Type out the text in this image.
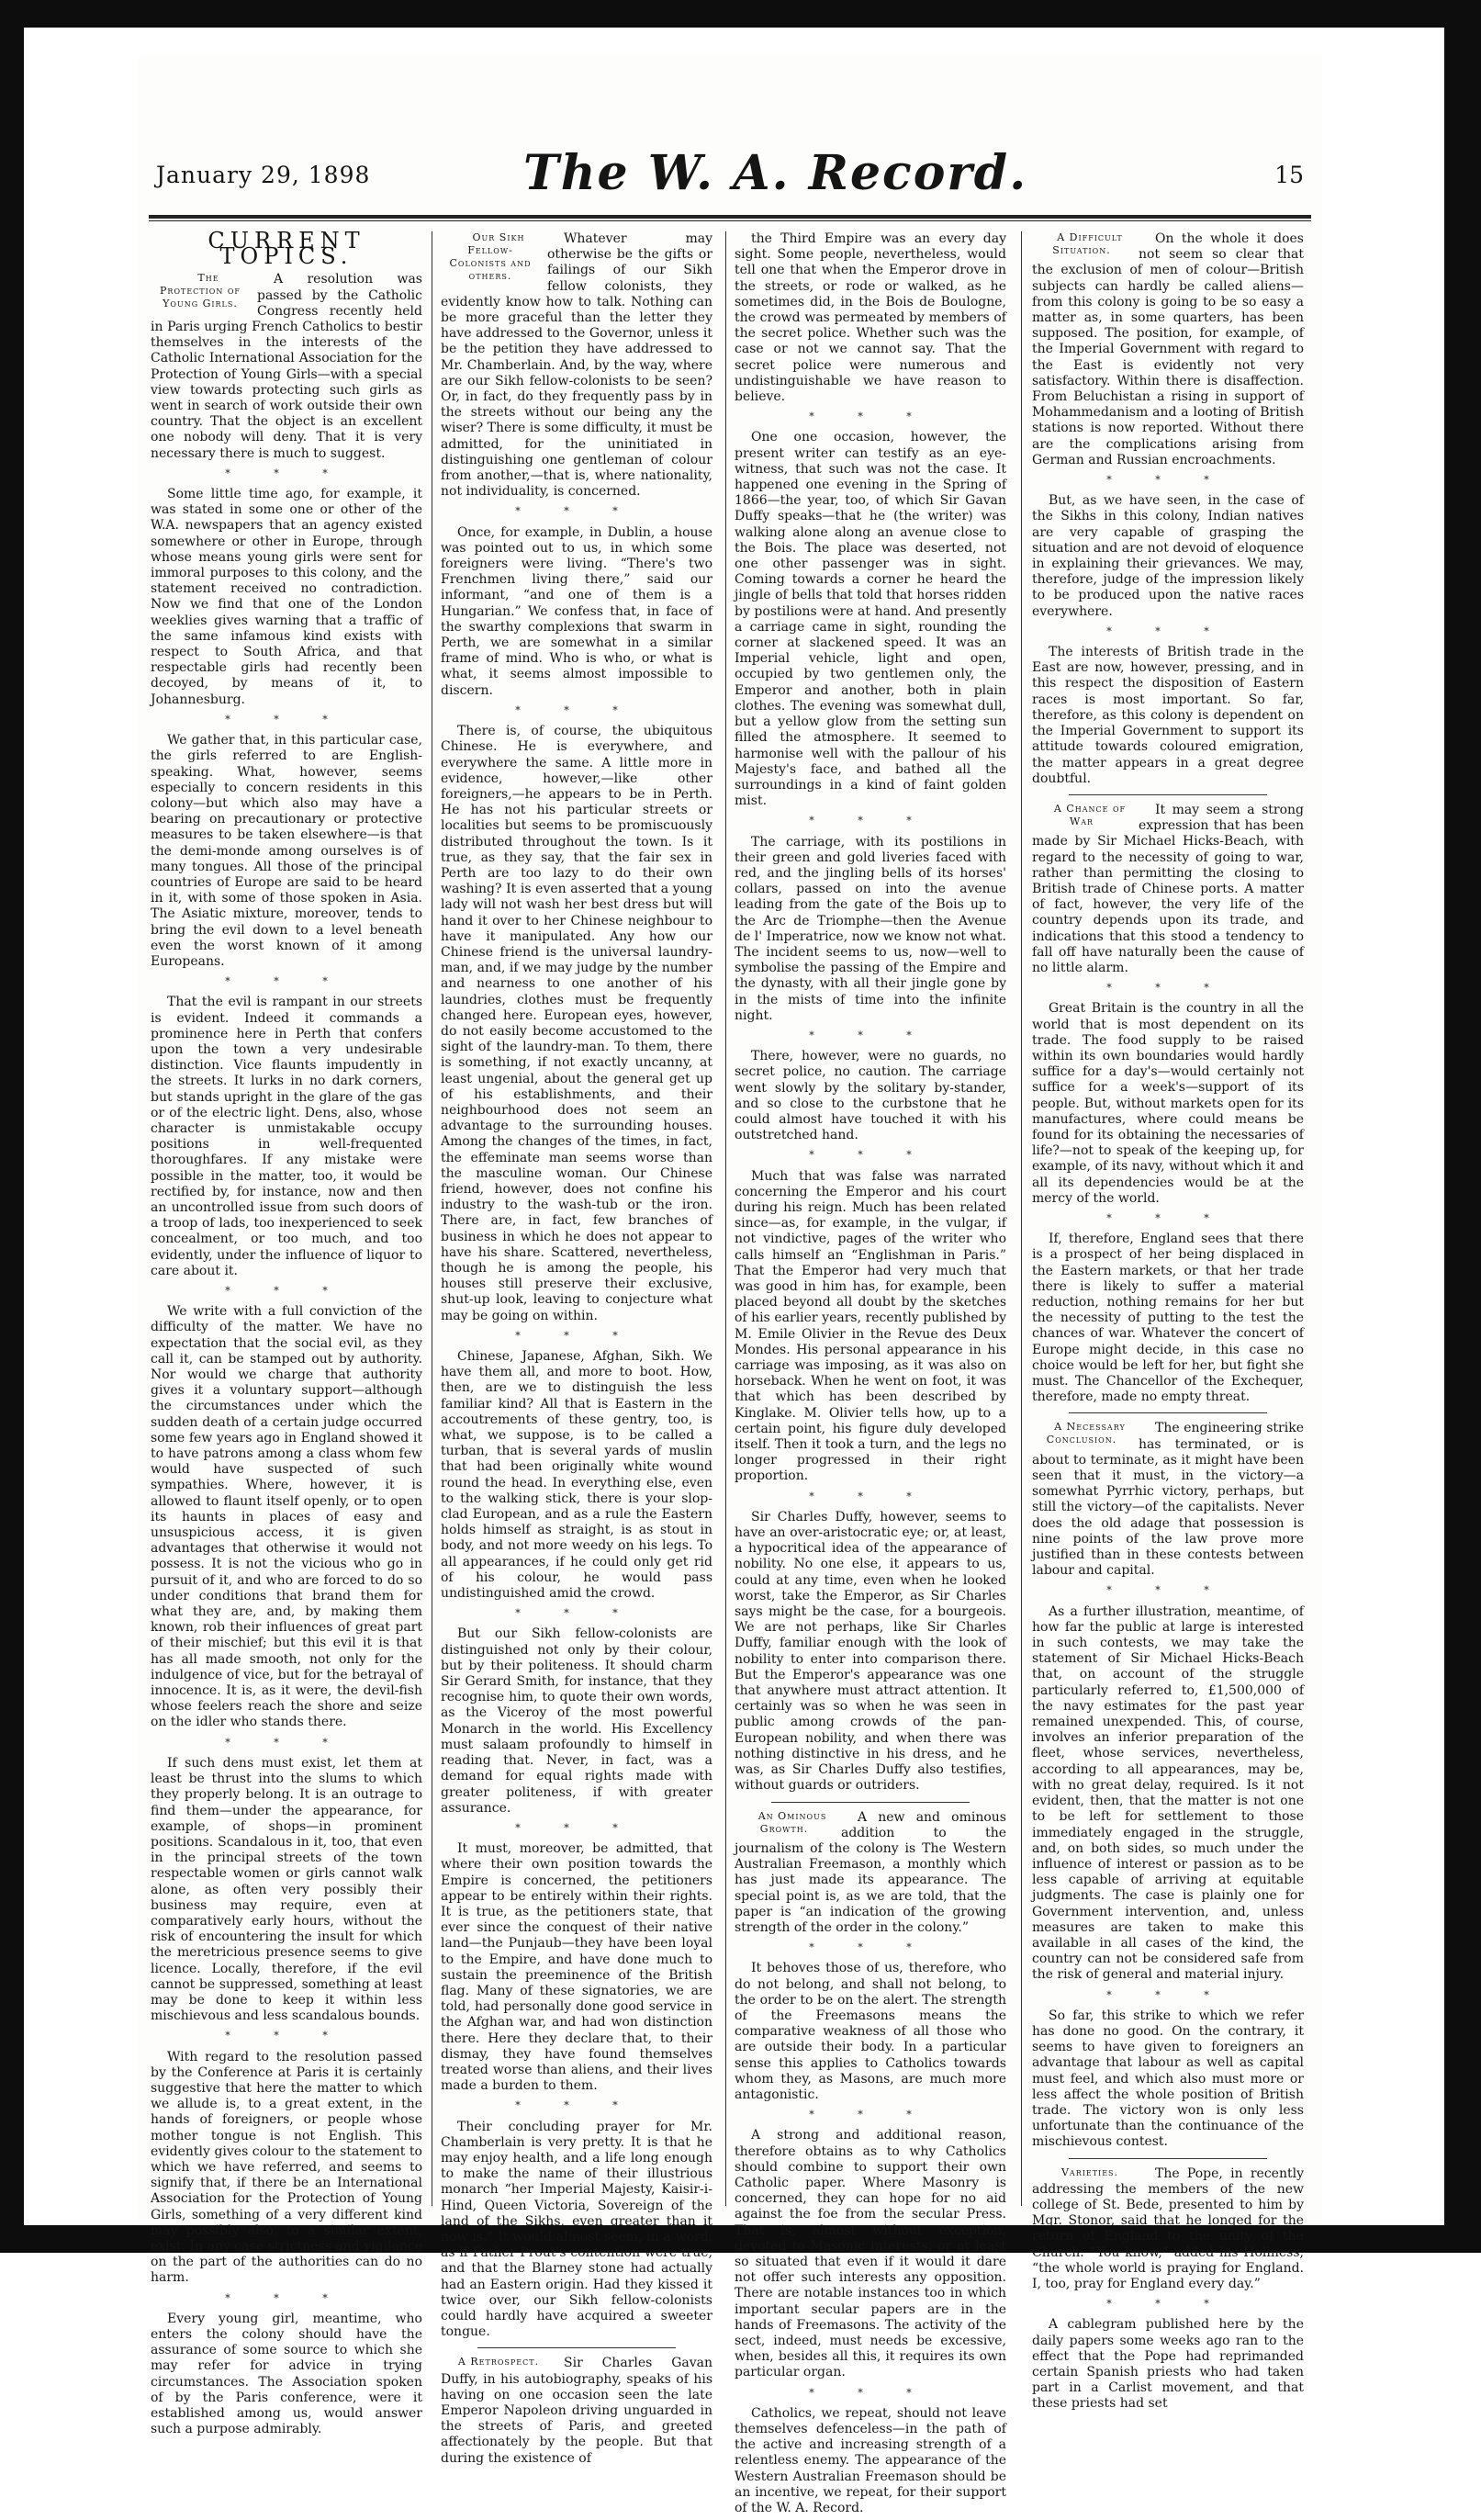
January 29, 1898	The W. A. Record.	15
CURRENT TOPICS.

The Protection of Young Girls.
A resolution was passed by the Catholic Congress recently held in Paris urging French Catholics to bestir themselves in the interests of the Catholic International Association for the Protection of Young Girls—with a special view towards protecting such girls as went in search of work outside their own country. That the object is an excellent one nobody will deny. That it is very necessary there is much to suggest.

* * *

Some little time ago, for example, it was stated in some one or other of the W.A. newspapers that an agency existed somewhere or other in Europe, through whose means young girls were sent for immoral purposes to this colony, and the statement received no contradiction. Now we find that one of the London weeklies gives warning that a traffic of the same infamous kind exists with respect to South Africa, and that respectable girls had recently been decoyed, by means of it, to Johannesburg.

* * *

We gather that, in this particular case, the girls referred to are English-speaking. What, however, seems especially to concern residents in this colony—but which also may have a bearing on precautionary or protective measures to be taken elsewhere—is that the demi-monde among ourselves is of many tongues. All those of the principal countries of Europe are said to be heard in it, with some of those spoken in Asia. The Asiatic mixture, moreover, tends to bring the evil down to a level beneath even the worst known of it among Europeans.

* * *

That the evil is rampant in our streets is evident. Indeed it commands a prominence here in Perth that confers upon the town a very undesirable distinction. Vice flaunts impudently in the streets. It lurks in no dark corners, but stands upright in the glare of the gas or of the electric light. Dens, also, whose character is unmistakable occupy positions in well-frequented thoroughfares. If any mistake were possible in the matter, too, it would be rectified by, for instance, now and then an uncontrolled issue from such doors of a troop of lads, too inexperienced to seek concealment, or too much, and too evidently, under the influence of liquor to care about it.

* * *

We write with a full conviction of the difficulty of the matter. We have no expectation that the social evil, as they call it, can be stamped out by authority. Nor would we charge that authority gives it a voluntary support—although the circumstances under which the sudden death of a certain judge occurred some few years ago in England showed it to have patrons among a class whom few would have suspected of such sympathies. Where, however, it is allowed to flaunt itself openly, or to open its haunts in places of easy and unsuspicious access, it is given advantages that otherwise it would not possess. It is not the vicious who go in pursuit of it, and who are forced to do so under conditions that brand them for what they are, and, by making them known, rob their influences of great part of their mischief; but this evil it is that has all made smooth, not only for the indulgence of vice, but for the betrayal of innocence. It is, as it were, the devil-fish whose feelers reach the shore and seize on the idler who stands there.

* * *

If such dens must exist, let them at least be thrust into the slums to which they properly belong. It is an outrage to find them—under the appearance, for example, of shops—in prominent positions. Scandalous in it, too, that even in the principal streets of the town respectable women or girls cannot walk alone, as often very possibly their business may require, even at comparatively early hours, without the risk of encountering the insult for which the meretricious presence seems to give licence. Locally, therefore, if the evil cannot be suppressed, something at least may be done to keep it within less mischievous and less scandalous bounds.

* * *

With regard to the resolution passed by the Conference at Paris it is certainly suggestive that here the matter to which we allude is, to a great extent, in the hands of foreigners, or people whose mother tongue is not English. This evidently gives colour to the statement to which we have referred, and seems to signify that, if there be an International Association for the Protection of Young Girls, something of a very different kind may possibly also, to a similar extent, exist. In any case strictness and vigilance on the part of the authorities can do no harm.

* * *

Every young girl, meantime, who enters the colony should have the assurance of some source to which she may refer for advice in trying circumstances. The Association spoken of by the Paris conference, were it established among us, would answer such a purpose admirably.

Our Sikh Fellow-Colonists and others.
Whatever may otherwise be the gifts or failings of our Sikh fellow colonists, they evidently know how to talk. Nothing can be more graceful than the letter they have addressed to the Governor, unless it be the petition they have addressed to Mr. Chamberlain. And, by the way, where are our Sikh fellow-colonists to be seen? Or, in fact, do they frequently pass by in the streets without our being any the wiser? There is some difficulty, it must be admitted, for the uninitiated in distinguishing one gentleman of colour from another,—that is, where nationality, not individuality, is concerned.

* * *

Once, for example, in Dublin, a house was pointed out to us, in which some foreigners were living. “There's two Frenchmen living there,” said our informant, “and one of them is a Hungarian.” We confess that, in face of the swarthy complexions that swarm in Perth, we are somewhat in a similar frame of mind. Who is who, or what is what, it seems almost impossible to discern.

* * *

There is, of course, the ubiquitous Chinese. He is everywhere, and everywhere the same. A little more in evidence, however,—like other foreigners,—he appears to be in Perth. He has not his particular streets or localities but seems to be promiscuously distributed throughout the town. Is it true, as they say, that the fair sex in Perth are too lazy to do their own washing? It is even asserted that a young lady will not wash her best dress but will hand it over to her Chinese neighbour to have it manipulated. Any how our Chinese friend is the universal laundry-man, and, if we may judge by the number and nearness to one another of his laundries, clothes must be frequently changed here. European eyes, however, do not easily become accustomed to the sight of the laundry-man. To them, there is something, if not exactly uncanny, at least ungenial, about the general get up of his establishments, and their neighbourhood does not seem an advantage to the surrounding houses. Among the changes of the times, in fact, the effeminate man seems worse than the masculine woman. Our Chinese friend, however, does not confine his industry to the wash-tub or the iron. There are, in fact, few branches of business in which he does not appear to have his share. Scattered, nevertheless, though he is among the people, his houses still preserve their exclusive, shut-up look, leaving to conjecture what may be going on within.

* * *

Chinese, Japanese, Afghan, Sikh. We have them all, and more to boot. How, then, are we to distinguish the less familiar kind? All that is Eastern in the accoutrements of these gentry, too, is what, we suppose, is to be called a turban, that is several yards of muslin that had been originally white wound round the head. In everything else, even to the walking stick, there is your slop-clad European, and as a rule the Eastern holds himself as straight, is as stout in body, and not more weedy on his legs. To all appearances, if he could only get rid of his colour, he would pass undistinguished amid the crowd.

* * *

But our Sikh fellow-colonists are distinguished not only by their colour, but by their politeness. It should charm Sir Gerard Smith, for instance, that they recognise him, to quote their own words, as the Viceroy of the most powerful Monarch in the world. His Excellency must salaam profoundly to himself in reading that. Never, in fact, was a demand for equal rights made with greater politeness, if with greater assurance.

* * *

It must, moreover, be admitted, that where their own position towards the Empire is concerned, the petitioners appear to be entirely within their rights. It is true, as the petitioners state, that ever since the conquest of their native land—the Punjaub—they have been loyal to the Empire, and have done much to sustain the preeminence of the British flag. Many of these signatories, we are told, had personally done good service in the Afghan war, and had won distinction there. Here they declare that, to their dismay, they have found themselves treated worse than aliens, and their lives made a burden to them.

* * *

Their concluding prayer for Mr. Chamberlain is very pretty. It is that he may enjoy health, and a life long enough to make the name of their illustrious monarch “her Imperial Majesty, Kaisir-i-Hind, Queen Victoria, Sovereign of the land of the Sikhs, even greater than it now is.” It would almost seem, in a word, as if Father Prout's contention were true, and that the Blarney stone had actually had an Eastern origin. Had they kissed it twice over, our Sikh fellow-colonists could hardly have acquired a sweeter tongue.

A Retrospect. Sir Charles Gavan Duffy, in his autobiography, speaks of his having on one occasion seen the late Emperor Napoleon driving unguarded in the streets of Paris, and greeted affectionately by the people. But that during the existence of

the Third Empire was an every day sight. Some people, nevertheless, would tell one that when the Emperor drove in the streets, or rode or walked, as he sometimes did, in the Bois de Boulogne, the crowd was permeated by members of the secret police. Whether such was the case or not we cannot say. That the secret police were numerous and undistinguishable we have reason to believe.

* * *

One one occasion, however, the present writer can testify as an eye-witness, that such was not the case. It happened one evening in the Spring of 1866—the year, too, of which Sir Gavan Duffy speaks—that he (the writer) was walking alone along an avenue close to the Bois. The place was deserted, not one other passenger was in sight. Coming towards a corner he heard the jingle of bells that told that horses ridden by postilions were at hand. And presently a carriage came in sight, rounding the corner at slackened speed. It was an Imperial vehicle, light and open, occupied by two gentlemen only, the Emperor and another, both in plain clothes. The evening was somewhat dull, but a yellow glow from the setting sun filled the atmosphere. It seemed to harmonise well with the pallour of his Majesty's face, and bathed all the surroundings in a kind of faint golden mist.

* * *

The carriage, with its postilions in their green and gold liveries faced with red, and the jingling bells of its horses' collars, passed on into the avenue leading from the gate of the Bois up to the Arc de Triomphe—then the Avenue de l' Imperatrice, now we know not what. The incident seems to us, now—well to symbolise the passing of the Empire and the dynasty, with all their jingle gone by in the mists of time into the infinite night.

* * *

There, however, were no guards, no secret police, no caution. The carriage went slowly by the solitary by-stander, and so close to the curbstone that he could almost have touched it with his outstretched hand.

* * *

Much that was false was narrated concerning the Emperor and his court during his reign. Much has been related since—as, for example, in the vulgar, if not vindictive, pages of the writer who calls himself an “Englishman in Paris.” That the Emperor had very much that was good in him has, for example, been placed beyond all doubt by the sketches of his earlier years, recently published by M. Emile Olivier in the Revue des Deux Mondes. His personal appearance in his carriage was imposing, as it was also on horseback. When he went on foot, it was that which has been described by Kinglake. M. Olivier tells how, up to a certain point, his figure duly developed itself. Then it took a turn, and the legs no longer progressed in their right proportion.

* * *

Sir Charles Duffy, however, seems to have an over-aristocratic eye; or, at least, a hypocritical idea of the appearance of nobility. No one else, it appears to us, could at any time, even when he looked worst, take the Emperor, as Sir Charles says might be the case, for a bourgeois. We are not perhaps, like Sir Charles Duffy, familiar enough with the look of nobility to enter into comparison there. But the Emperor's appearance was one that anywhere must attract attention. It certainly was so when he was seen in public among crowds of the pan-European nobility, and when there was nothing distinctive in his dress, and he was, as Sir Charles Duffy also testifies, without guards or outriders.

An Ominous Growth.
A new and ominous addition to the journalism of the colony is The Western Australian Freemason, a monthly which has just made its appearance. The special point is, as we are told, that the paper is “an indication of the growing strength of the order in the colony.”

* * *

It behoves those of us, therefore, who do not belong, and shall not belong, to the order to be on the alert. The strength of the Freemasons means the comparative weakness of all those who are outside their body. In a particular sense this applies to Catholics towards whom they, as Masons, are much more antagonistic.

* * *

A strong and additional reason, therefore obtains as to why Catholics should combine to support their own Catholic paper. Where Masonry is concerned, they can hope for no aid against the foe from the secular Press. That is, almost without exception, devoted to Masonic interests, or at least so situated that even if it would it dare not offer such interests any opposition. There are notable instances too in which important secular papers are in the hands of Freemasons. The activity of the sect, indeed, must needs be excessive, when, besides all this, it requires its own particular organ.

* * *

Catholics, we repeat, should not leave themselves defenceless—in the path of the active and increasing strength of a relentless enemy. The appearance of the Western Australian Freemason should be an incentive, we repeat, for their support of the W. A. Record.

A Difficult Situation.
On the whole it does not seem so clear that the exclusion of men of colour—British subjects can hardly be called aliens—from this colony is going to be so easy a matter as, in some quarters, has been supposed. The position, for example, of the Imperial Government with regard to the East is evidently not very satisfactory. Within there is disaffection. From Beluchistan a rising in support of Mohammedanism and a looting of British stations is now reported. Without there are the complications arising from German and Russian encroachments.

* * *

But, as we have seen, in the case of the Sikhs in this colony, Indian natives are very capable of grasping the situation and are not devoid of eloquence in explaining their grievances. We may, therefore, judge of the impression likely to be produced upon the native races everywhere.

* * *

The interests of British trade in the East are now, however, pressing, and in this respect the disposition of Eastern races is most important. So far, therefore, as this colony is dependent on the Imperial Government to support its attitude towards coloured emigration, the matter appears in a great degree doubtful.

A Chance of War
It may seem a strong expression that has been made by Sir Michael Hicks-Beach, with regard to the necessity of going to war, rather than permitting the closing to British trade of Chinese ports. A matter of fact, however, the very life of the country depends upon its trade, and indications that this stood a tendency to fall off have naturally been the cause of no little alarm.

* * *

Great Britain is the country in all the world that is most dependent on its trade. The food supply to be raised within its own boundaries would hardly suffice for a day's—would certainly not suffice for a week's—support of its people. But, without markets open for its manufactures, where could means be found for its obtaining the necessaries of life?—not to speak of the keeping up, for example, of its navy, without which it and all its dependencies would be at the mercy of the world.

* * *

If, therefore, England sees that there is a prospect of her being displaced in the Eastern markets, or that her trade there is likely to suffer a material reduction, nothing remains for her but the necessity of putting to the test the chances of war. Whatever the concert of Europe might decide, in this case no choice would be left for her, but fight she must. The Chancellor of the Exchequer, therefore, made no empty threat.

A Necessary Conclusion.
The engineering strike has terminated, or is about to terminate, as it might have been seen that it must, in the victory—a somewhat Pyrrhic victory, perhaps, but still the victory—of the capitalists. Never does the old adage that possession is nine points of the law prove more justified than in these contests between labour and capital.

* * *

As a further illustration, meantime, of how far the public at large is interested in such contests, we may take the statement of Sir Michael Hicks-Beach that, on account of the struggle particularly referred to, £1,500,000 of the navy estimates for the past year remained unexpended. This, of course, involves an inferior preparation of the fleet, whose services, nevertheless, according to all appearances, may be, with no great delay, required. Is it not evident, then, that the matter is not one to be left for settlement to those immediately engaged in the struggle, and, on both sides, so much under the influence of interest or passion as to be less capable of arriving at equitable judgments. The case is plainly one for Government intervention, and, unless measures are taken to make this available in all cases of the kind, the country can not be considered safe from the risk of general and material injury.

* * *

So far, this strike to which we refer has done no good. On the contrary, it seems to have given to foreigners an advantage that labour as well as capital must feel, and which also must more or less affect the whole position of British trade. The victory won is only less unfortunate than the continuance of the mischievous contest.

Varieties.	The Pope, in recently addressing the members of the new college of St. Bede, presented to him by Mgr. Stonor, said that he longed for the return of England to the unity of the Church. “You know,” added his Holiness, “the whole world is praying for England. I, too, pray for England every day.”

* * *

A cablegram published here by the daily papers some weeks ago ran to the effect that the Pope had reprimanded certain Spanish priests who had taken part in a Carlist movement, and that these priests had set
